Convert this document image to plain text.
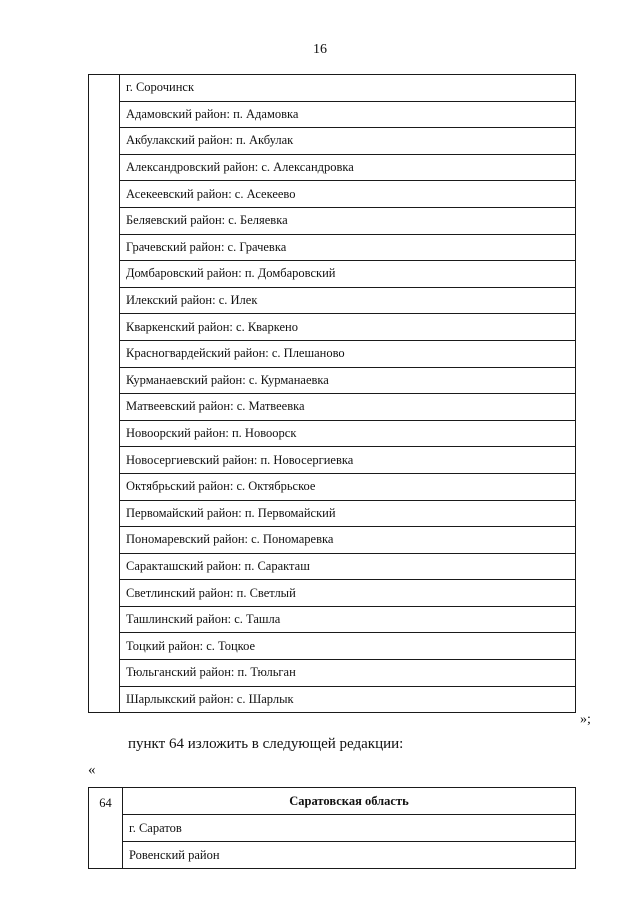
16
	г. Сорочинск
Адамовский район: п. Адамовка
Акбулакский район: п. Акбулак
Александровский район: с. Александровка
Асекеевский район: с. Асекеево
Беляевский район: с. Беляевка
Грачевский район: с. Грачевка
Домбаровский район: п. Домбаровский
Илекский район: с. Илек
Кваркенский район: с. Кваркено
Красногвардейский район: с. Плешаново
Курманаевский район: с. Курманаевка
Матвеевский район: с. Матвеевка
Новоорский район: п. Новоорск
Новосергиевский район: п. Новосергиевка
Октябрьский район: с. Октябрьское
Первомайский район: п. Первомайский
Пономаревский район: с. Пономаревка
Саракташский район: п. Саракташ
Светлинский район: п. Светлый
Ташлинский район: с. Ташла
Тоцкий район: с. Тоцкое
Тюльганский район: п. Тюльган
Шарлыкский район: с. Шарлык
»;
пункт 64 изложить в следующей редакции:
«
64	Саратовская область
г. Саратов
Ровенский район
